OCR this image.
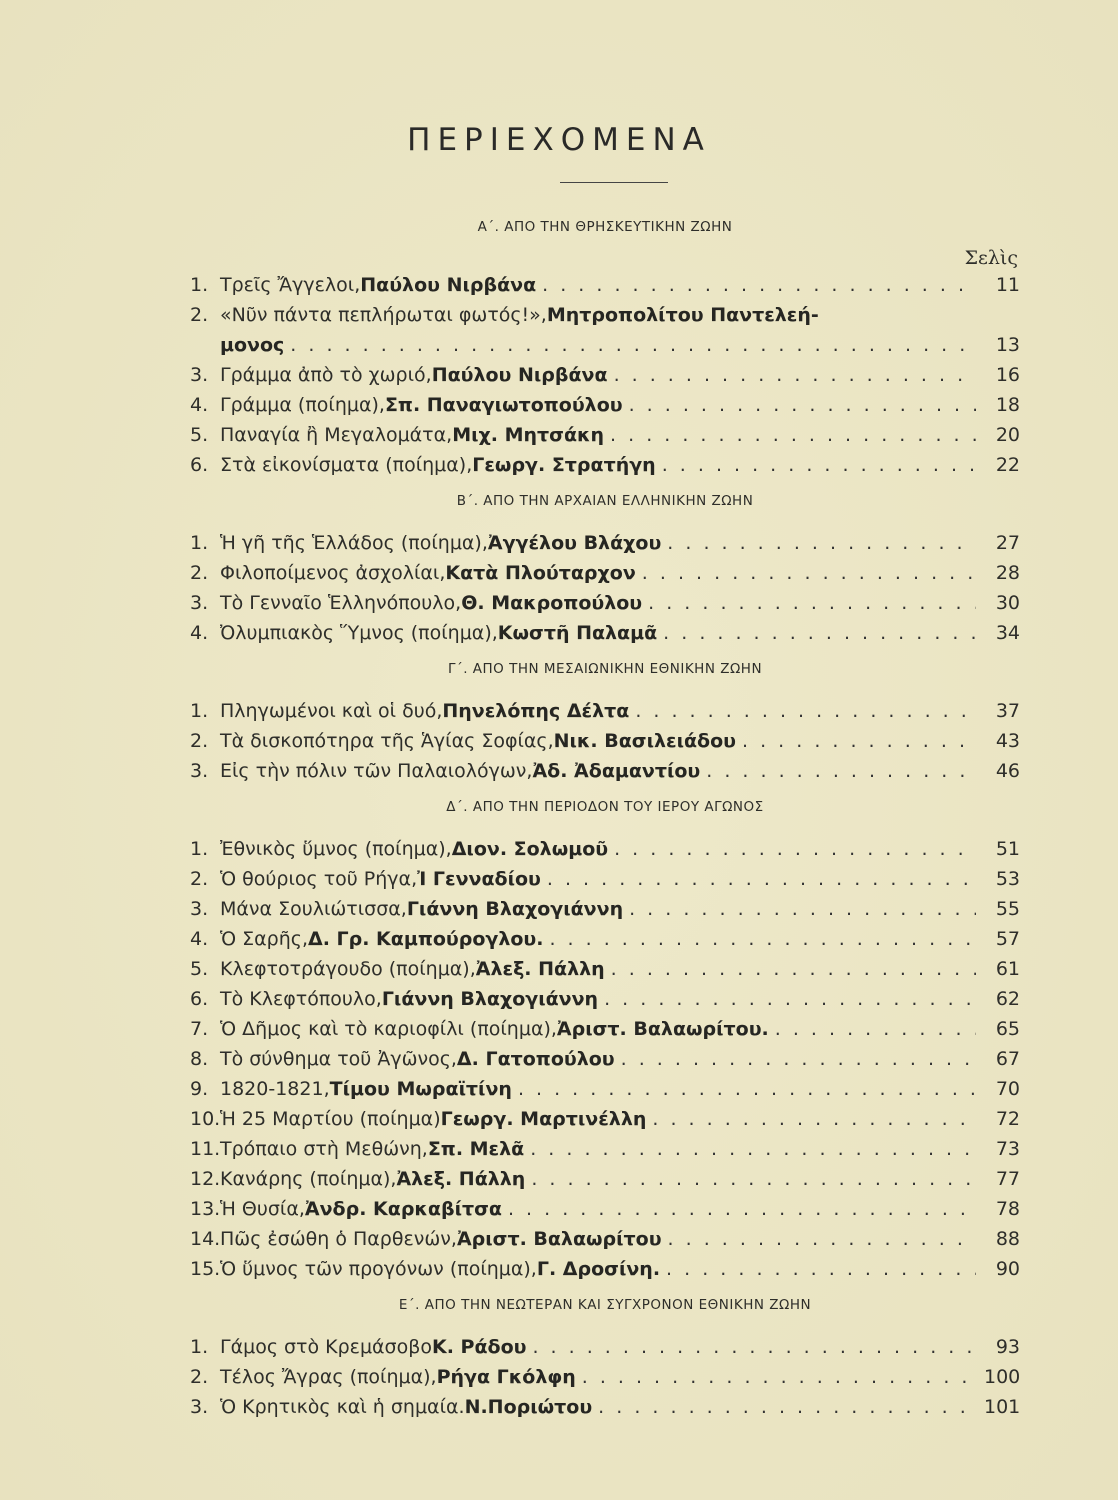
ΠΕΡΙΕΧΟΜΕΝΑ
Α΄. ΑΠΟ ΤΗΝ ΘΡΗΣΚΕΥΤΙΚΗΝ ΖΩΗΝ
Σελὶς
1. Τρεῖς Ἄγγελοι, Παύλου Νιρβάνα . . .	11
2. «Νῦν πάντα πεπλήρωται φωτός!», Μητροπολίτου Παντελεή-
μονος . . .	13
3. Γράμμα ἀπὸ τὸ χωριό, Παύλου Νιρβάνα . . .	16
4. Γράμμα (ποίημα), Σπ. Παναγιωτοπούλου . . .	18
5. Παναγία ἢ Μεγαλομάτα, Μιχ. Μητσάκη . . .	20
6. Στὰ εἰκονίσματα (ποίημα), Γεωργ. Στρατήγη . . .	22
Β΄. ΑΠΟ ΤΗΝ ΑΡΧΑΙΑΝ ΕΛΛΗΝΙΚΗΝ ΖΩΗΝ
1. Ἡ γῆ τῆς Ἑλλάδος (ποίημα), Ἀγγέλου Βλάχου . . .	27
2. Φιλοποίμενος ἀσχολίαι, Κατὰ Πλούταρχον . . .	28
3. Τὸ Γενναῖο Ἑλληνόπουλο, Θ. Μακροπούλου . . .	30
4. Ὀλυμπιακὸς Ὕμνος (ποίημα), Κωστῆ Παλαμᾶ . . .	34
Γ΄. ΑΠΟ ΤΗΝ ΜΕΣΑΙΩΝΙΚΗΝ ΕΘΝΙΚΗΝ ΖΩΗΝ
1. Πληγωμένοι καὶ οἱ δυό, Πηνελόπης Δέλτα . . .	37
2. Τὰ δισκοπότηρα τῆς Ἁγίας Σοφίας, Νικ. Βασιλειάδου . . .	43
3. Εἰς τὴν πόλιν τῶν Παλαιολόγων, Ἀδ. Ἀδαμαντίου . . .	46
Δ΄. ΑΠΟ ΤΗΝ ΠΕΡΙΟΔΟΝ ΤΟΥ ΙΕΡΟΥ ΑΓΩΝΟΣ
1. Ἐθνικὸς ὕμνος (ποίημα), Διον. Σολωμοῦ . . .	51
2. Ὁ θούριος τοῦ Ρήγα, Ἰ Γενναδίου . . .	53
3. Μάνα Σουλιώτισσα, Γιάννη Βλαχογιάννη . . .	55
4. Ὁ Σαρῆς, Δ. Γρ. Καμπούρογλου. . . .	57
5. Κλεφτοτράγουδο (ποίημα), Ἀλεξ. Πάλλη . . .	61
6. Τὸ Κλεφτόπουλο, Γιάννη Βλαχογιάννη . . .	62
7. Ὁ Δῆμος καὶ τὸ καριοφίλι (ποίημα), Ἀριστ. Βαλαωρίτου. . . .	65
8. Τὸ σύνθημα τοῦ Ἀγῶνος, Δ. Γατοπούλου . . .	67
9. 1820-1821, Τίμου Μωραϊτίνη . . .	70
10. Ἡ 25 Μαρτίου (ποίημα) Γεωργ. Μαρτινέλλη . . .	72
11. Τρόπαιο στὴ Μεθώνη, Σπ. Μελᾶ . . .	73
12. Κανάρης (ποίημα), Ἀλεξ. Πάλλη . . .	77
13. Ἡ Θυσία, Ἀνδρ. Καρκαβίτσα . . .	78
14. Πῶς ἐσώθη ὁ Παρθενών, Ἀριστ. Βαλαωρίτου . . .	88
15. Ὁ ὕμνος τῶν προγόνων (ποίημα), Γ. Δροσίνη. . . .	90
Ε΄. ΑΠΟ ΤΗΝ ΝΕΩΤΕΡΑΝ ΚΑΙ ΣΥΓΧΡΟΝΟΝ ΕΘΝΙΚΗΝ ΖΩΗΝ
1. Γάμος στὸ Κρεμάσοβο Κ. Ράδου . . .	93
2. Τέλος Ἄγρας (ποίημα), Ρήγα Γκόλφη . . .	100
3. Ὁ Κρητικὸς καὶ ἡ σημαία. Ν.Ποριώτου . . .	101
